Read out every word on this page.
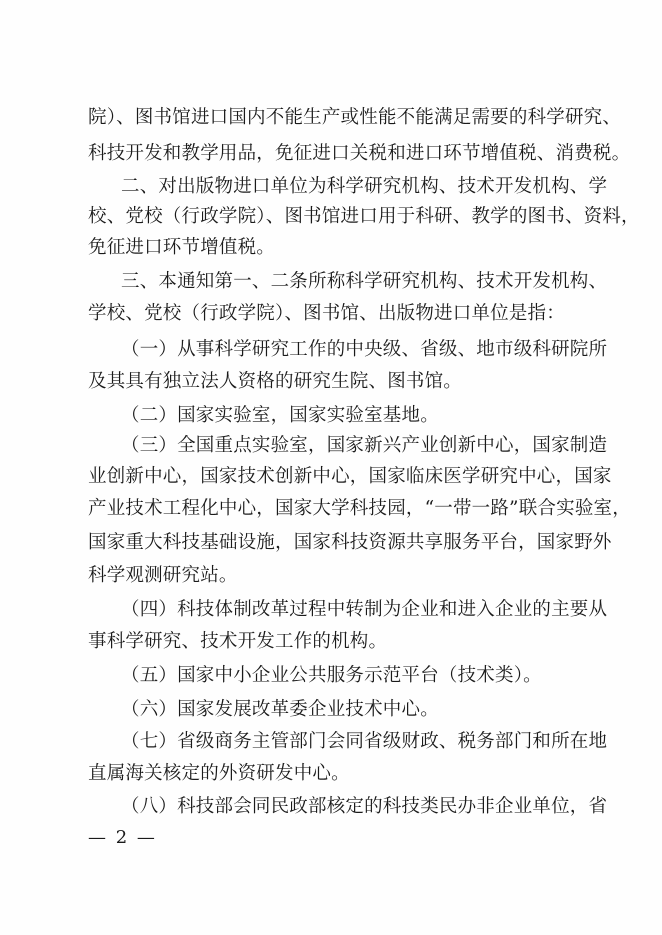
院）、图书馆进口国内不能生产或性能不能满足需要的科学研究、
科技开发和教学用品，免征进口关税和进口环节增值税、消费税。
二、对出版物进口单位为科学研究机构、技术开发机构、学
校、党校（行政学院）、图书馆进口用于科研、教学的图书、资料，
免征进口环节增值税。
三、本通知第一、二条所称科学研究机构、技术开发机构、
学校、党校（行政学院）、图书馆、出版物进口单位是指：
（一）从事科学研究工作的中央级、省级、地市级科研院所
及其具有独立法人资格的研究生院、图书馆。
（二）国家实验室，国家实验室基地。
（三）全国重点实验室，国家新兴产业创新中心，国家制造
业创新中心，国家技术创新中心，国家临床医学研究中心，国家
产业技术工程化中心，国家大学科技园，“一带一路”联合实验室，
国家重大科技基础设施，国家科技资源共享服务平台，国家野外
科学观测研究站。
（四）科技体制改革过程中转制为企业和进入企业的主要从
事科学研究、技术开发工作的机构。
（五）国家中小企业公共服务示范平台（技术类）。
（六）国家发展改革委企业技术中心。
（七）省级商务主管部门会同省级财政、税务部门和所在地
直属海关核定的外资研发中心。
（八）科技部会同民政部核定的科技类民办非企业单位，省
— 2 —
